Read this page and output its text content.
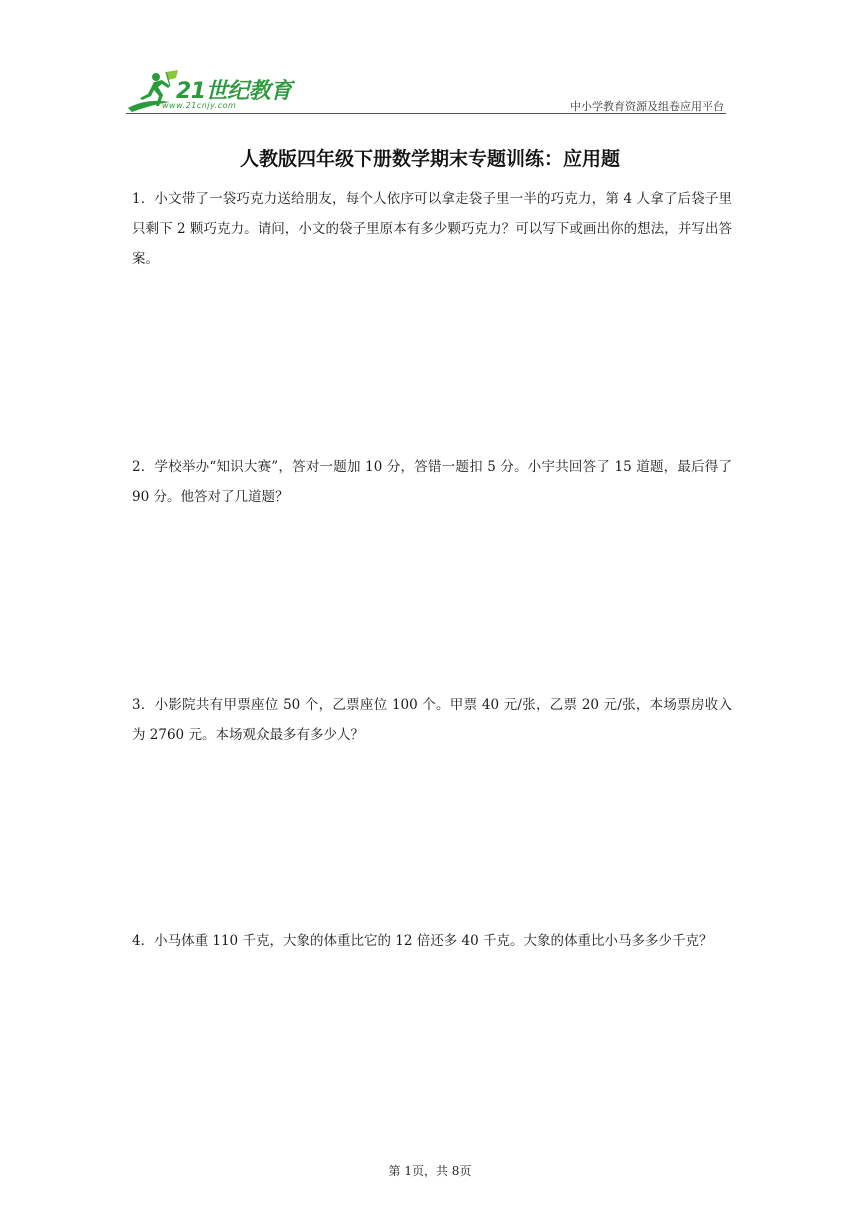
21世纪教育
www.21cnjy.com	中小学教育资源及组卷应用平台
人教版四年级下册数学期末专题训练：应用题
1．小文带了一袋巧克力送给朋友，每个人依序可以拿走袋子里一半的巧克力，第 4 人拿了后袋子里只剩下 2 颗巧克力。请问，小文的袋子里原本有多少颗巧克力？可以写下或画出你的想法，并写出答案。
2．学校举办“知识大赛”，答对一题加 10 分，答错一题扣 5 分。小宇共回答了 15 道题，最后得了 90 分。他答对了几道题？
3．小影院共有甲票座位 50 个，乙票座位 100 个。甲票 40 元/张，乙票 20 元/张，本场票房收入为 2760 元。本场观众最多有多少人？
4．小马体重 110 千克，大象的体重比它的 12 倍还多 40 千克。大象的体重比小马多多少千克？
第 1页，共 8页
